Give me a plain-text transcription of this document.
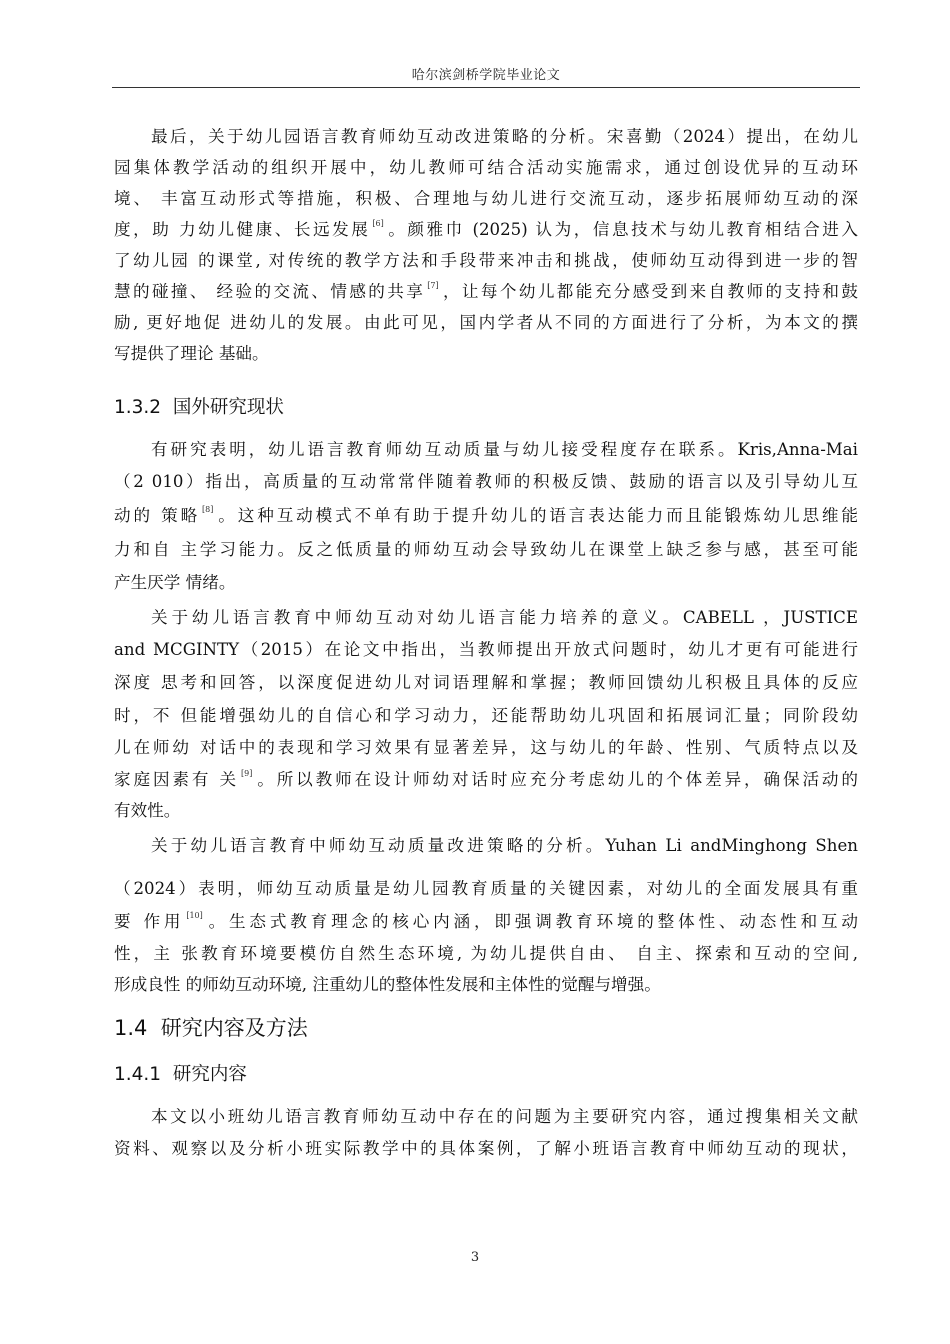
哈尔滨剑桥学院毕业论文
最后，关于幼儿园语言教育师幼互动改进策略的分析。宋喜勤（2024）提出，在幼儿
园集体教学活动的组织开展中，幼儿教师可结合活动实施需求，通过创设优异的互动环
境、 丰富互动形式等措施，积极、合理地与幼儿进行交流互动，逐步拓展师幼互动的深
度，助 力幼儿健康、长远发展 [6] 。颜雅巾 (2025) 认为，信息技术与幼儿教育相结合进入
了幼儿园 的课堂, 对传统的教学方法和手段带来冲击和挑战，使师幼互动得到进一步的智
慧的碰撞、 经验的交流、情感的共享 [7] ，让每个幼儿都能充分感受到来自教师的支持和鼓
励, 更好地促 进幼儿的发展。由此可见，国内学者从不同的方面进行了分析，为本文的撰
写提供了理论 基础。
1.3.2  国外研究现状
有研究表明，幼儿语言教育师幼互动质量与幼儿接受程度存在联系。Kris,Anna-Mai
（2 010）指出，高质量的互动常常伴随着教师的积极反馈、鼓励的语言以及引导幼儿互
动的 策略 [8] 。这种互动模式不单有助于提升幼儿的语言表达能力而且能锻炼幼儿思维能
力和自 主学习能力。反之低质量的师幼互动会导致幼儿在课堂上缺乏参与感，甚至可能
产生厌学 情绪。
关于幼儿语言教育中师幼互动对幼儿语言能力培养的意义。CABELL ，JUSTICE
and MCGINTY（2015）在论文中指出，当教师提出开放式问题时，幼儿才更有可能进行
深度 思考和回答，以深度促进幼儿对词语理解和掌握；教师回馈幼儿积极且具体的反应
时，不 但能增强幼儿的自信心和学习动力，还能帮助幼儿巩固和拓展词汇量；同阶段幼
儿在师幼 对话中的表现和学习效果有显著差异，这与幼儿的年龄、性别、气质特点以及
家庭因素有 关 [9] 。所以教师在设计师幼对话时应充分考虑幼儿的个体差异，确保活动的
有效性。
关于幼儿语言教育中师幼互动质量改进策略的分析。Yuhan Li andMinghong Shen
（2024）表明，师幼互动质量是幼儿园教育质量的关键因素，对幼儿的全面发展具有重
要 作用 [10] 。生态式教育理念的核心内涵，即强调教育环境的整体性、动态性和互动
性，主 张教育环境要模仿自然生态环境, 为幼儿提供自由、 自主、探索和互动的空间,
形成良性 的师幼互动环境, 注重幼儿的整体性发展和主体性的觉醒与增强。
1.4  研究内容及方法
1.4.1  研究内容
本文以小班幼儿语言教育师幼互动中存在的问题为主要研究内容，通过搜集相关文献
资料、观察以及分析小班实际教学中的具体案例，了解小班语言教育中师幼互动的现状，
3
